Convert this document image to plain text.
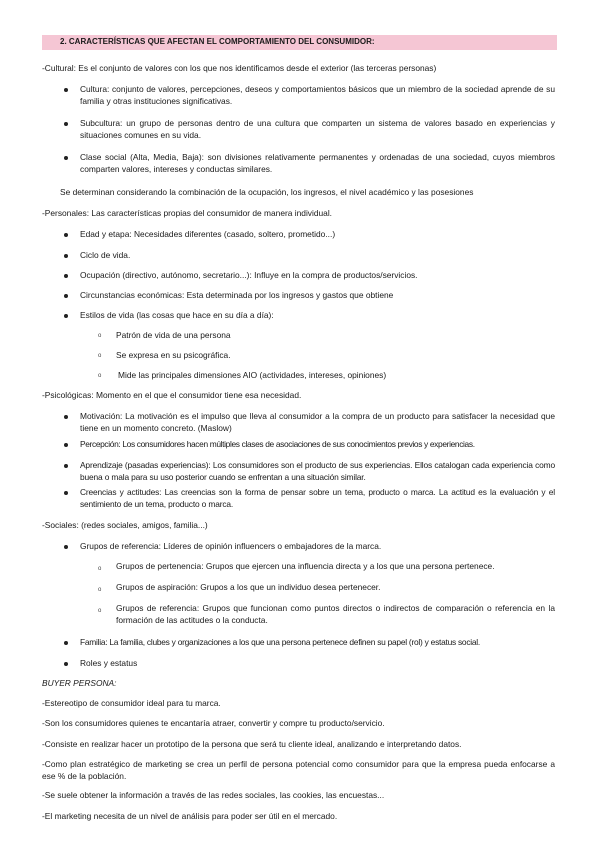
2. CARACTERÍSTICAS QUE AFECTAN EL COMPORTAMIENTO DEL CONSUMIDOR:
-Cultural: Es el conjunto de valores con los que nos identificamos desde el exterior (las terceras personas)
Cultura: conjunto de valores, percepciones, deseos y comportamientos básicos que un miembro de la sociedad aprende de su familia y otras instituciones significativas.
Subcultura: un grupo de personas dentro de una cultura que comparten un sistema de valores basado en experiencias y situaciones comunes en su vida.
Clase social (Alta, Media, Baja): son divisiones relativamente permanentes y ordenadas de una sociedad, cuyos miembros comparten valores, intereses y conductas similares.
Se determinan considerando la combinación de la ocupación, los ingresos, el nivel académico y las posesiones
-Personales: Las características propias del consumidor de manera individual.
Edad y etapa: Necesidades diferentes (casado, soltero, prometido...)
Ciclo de vida.
Ocupación (directivo, autónomo, secretario...): Influye en la compra de productos/servicios.
Circunstancias económicas: Esta determinada por los ingresos y gastos que obtiene
Estilos de vida (las cosas que hace en su día a día):
o Patrón de vida de una persona
o Se expresa en su psicográfica.
o Mide las principales dimensiones AIO (actividades, intereses, opiniones)
-Psicológicas: Momento en el que el consumidor tiene esa necesidad.
Motivación: La motivación es el impulso que lleva al consumidor a la compra de un producto para satisfacer la necesidad que tiene en un momento concreto. (Maslow)
Percepción: Los consumidores hacen múltiples clases de asociaciones de sus conocimientos previos y experiencias.
Aprendizaje (pasadas experiencias): Los consumidores son el producto de sus experiencias. Ellos catalogan cada experiencia como buena o mala para su uso posterior cuando se enfrentan a una situación similar.
Creencias y actitudes: Las creencias son la forma de pensar sobre un tema, producto o marca. La actitud es la evaluación y el sentimiento de un tema, producto o marca.
-Sociales: (redes sociales, amigos, familia...)
Grupos de referencia: Líderes de opinión influencers o embajadores de la marca.
o Grupos de pertenencia: Grupos que ejercen una influencia directa y a los que una persona pertenece.
o Grupos de aspiración: Grupos a los que un individuo desea pertenecer.
o Grupos de referencia: Grupos que funcionan como puntos directos o indirectos de comparación o referencia en la formación de las actitudes o la conducta.
Familia: La familia, clubes y organizaciones a los que una persona pertenece definen su papel (rol) y estatus social.
Roles y estatus
BUYER PERSONA:
-Estereotipo de consumidor ideal para tu marca.
-Son los consumidores quienes te encantaría atraer, convertir y compre tu producto/servicio.
-Consiste en realizar hacer un prototipo de la persona que será tu cliente ideal, analizando e interpretando datos.
-Como plan estratégico de marketing se crea un perfil de persona potencial como consumidor para que la empresa pueda enfocarse a ese % de la población.
-Se suele obtener la información a través de las redes sociales, las cookies, las encuestas...
-El marketing necesita de un nivel de análisis para poder ser útil en el mercado.
